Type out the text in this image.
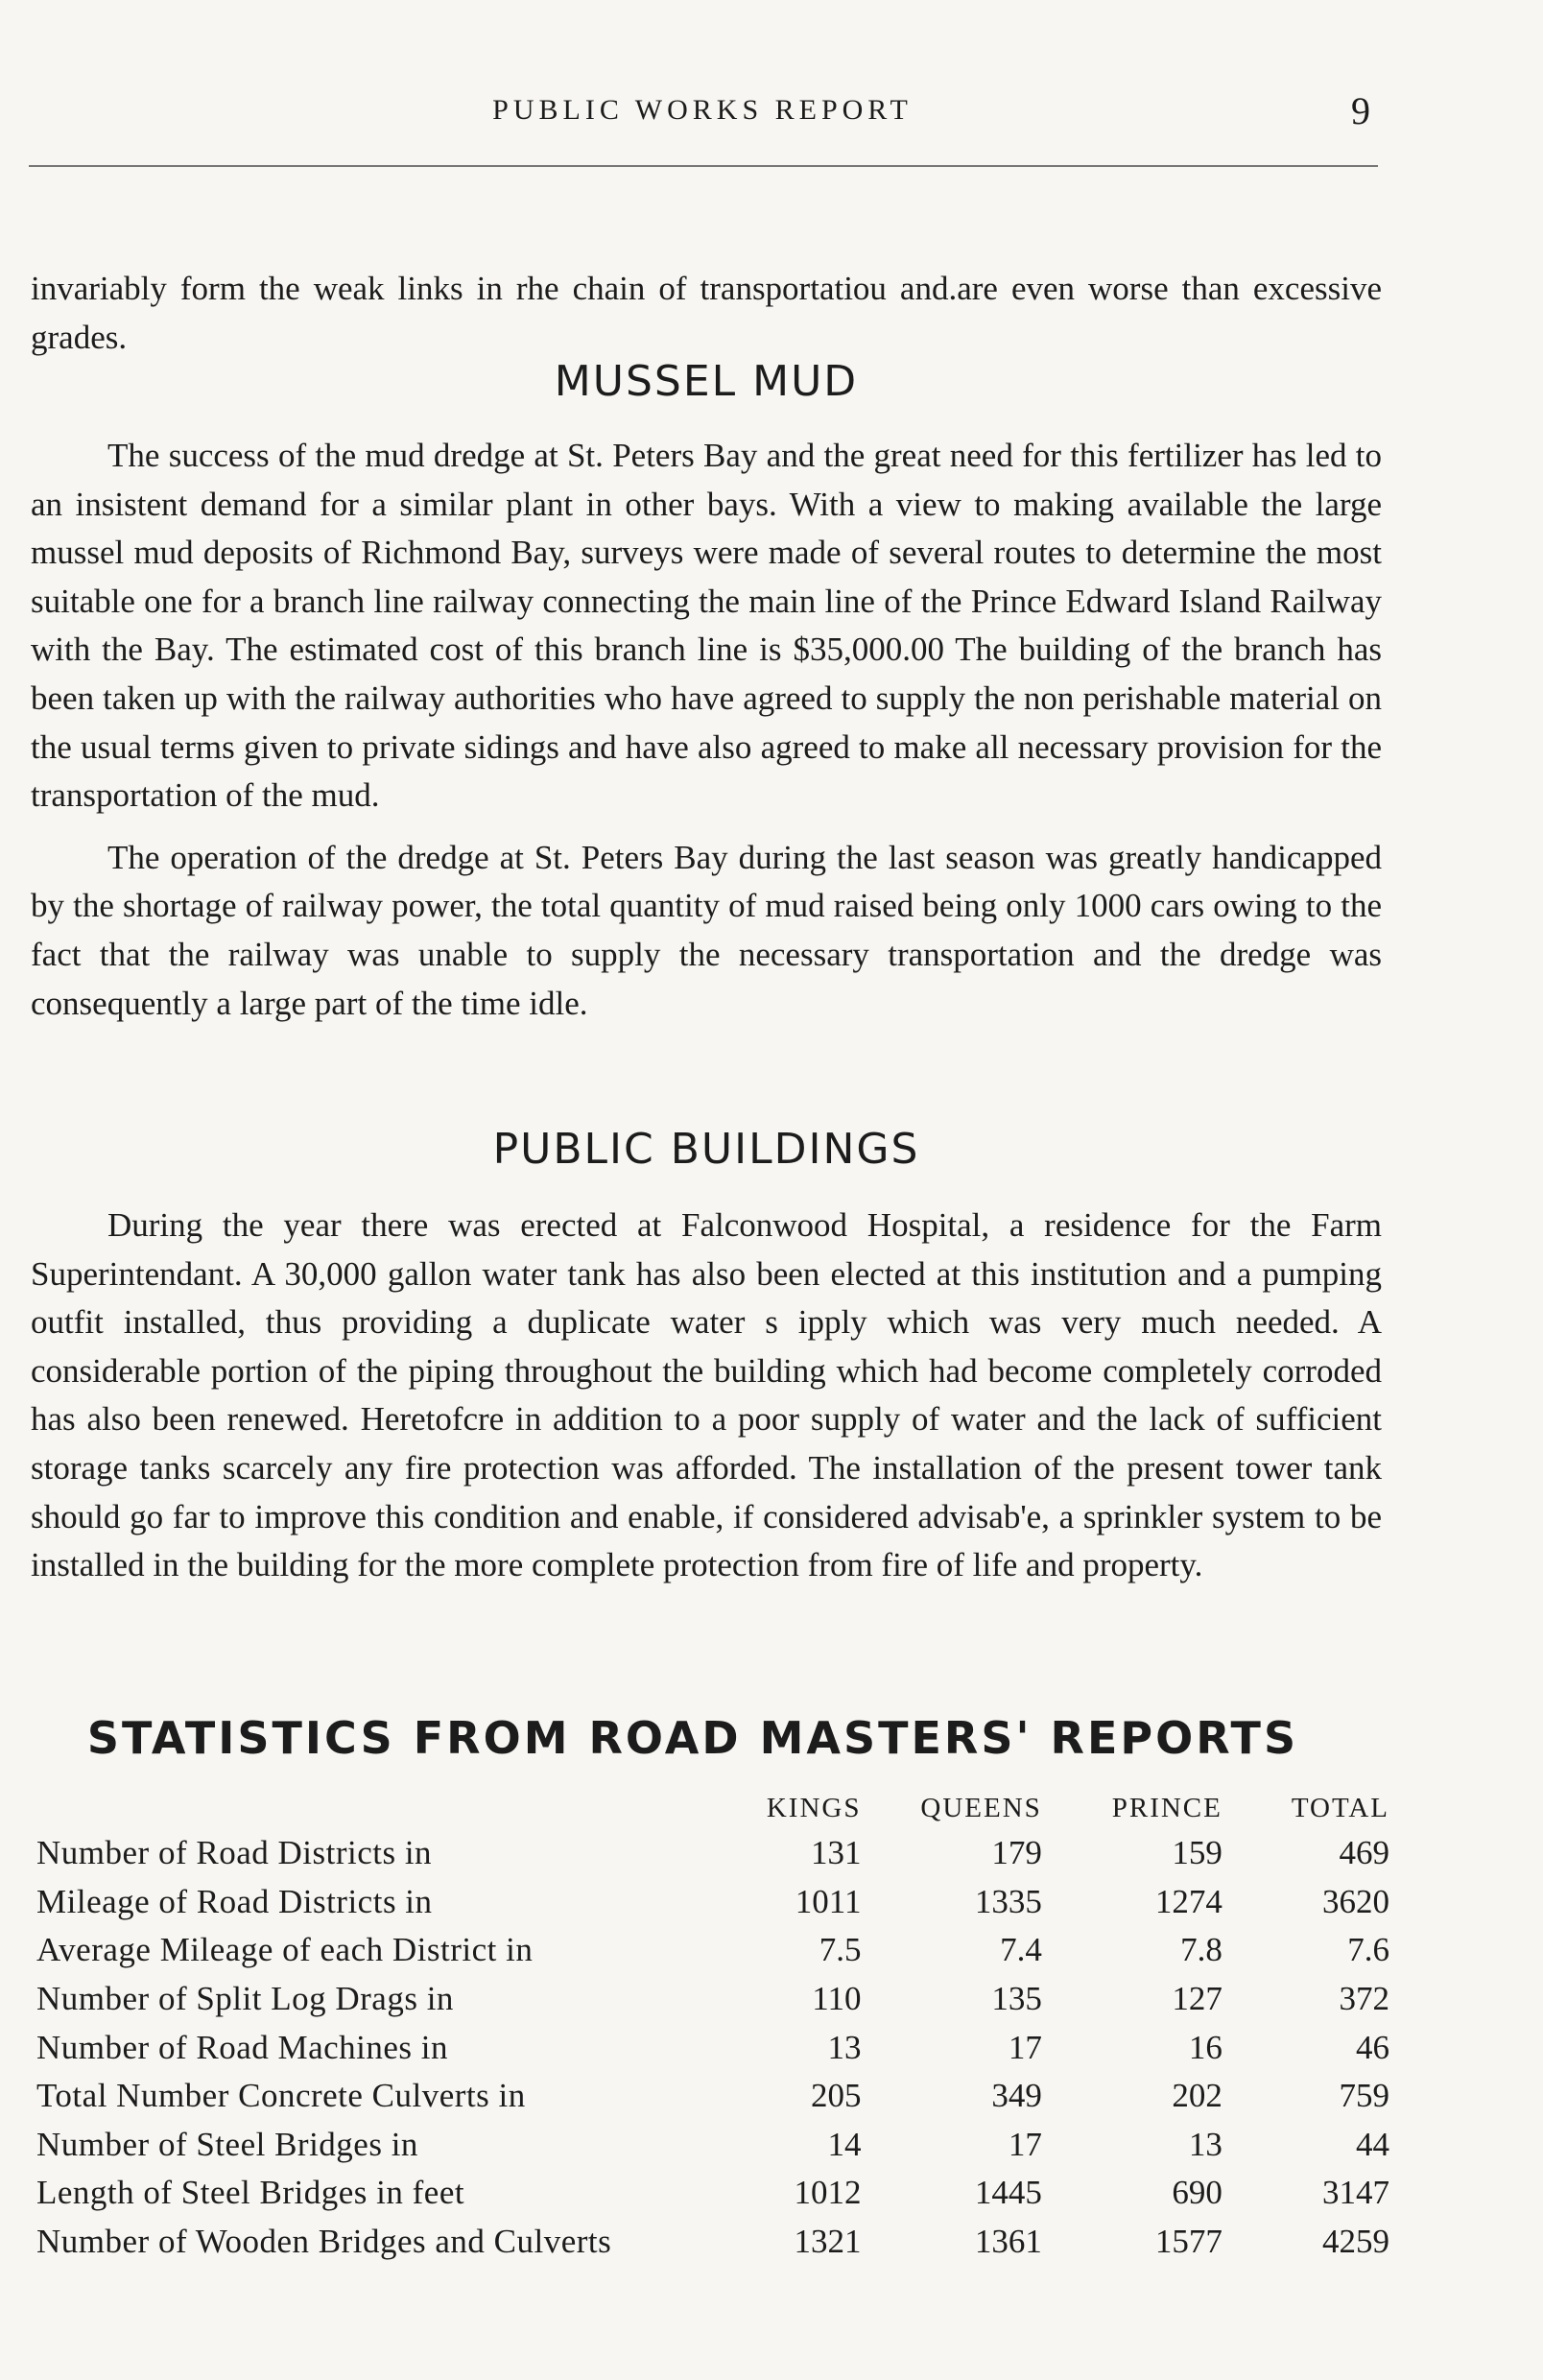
PUBLIC WORKS REPORT	9

invariably form the weak links in rhe chain of transportatiou and.are even worse than excessive grades.

MUSSEL MUD

The success of the mud dredge at St. Peters Bay and the great need for this fertilizer has led to an insistent demand for a similar plant in other bays. With a view to making available the large mussel mud deposits of Richmond Bay, surveys were made of several routes to determine the most suitable one for a branch line railway connecting the main line of the Prince Edward Island Railway with the Bay. The estimated cost of this branch line is $35,000.00 The building of the branch has been taken up with the railway authorities who have agreed to supply the non perishable material on the usual terms given to private sidings and have also agreed to make all necessary provision for the transportation of the mud.

The operation of the dredge at St. Peters Bay during the last season was greatly handicapped by the shortage of railway power, the total quantity of mud raised being only 1000 cars owing to the fact that the railway was unable to supply the necessary transportation and the dredge was consequently a large part of the time idle.

PUBLIC BUILDINGS

During the year there was erected at Falconwood Hospital, a residence for the Farm Superintendant. A 30,000 gallon water tank has also been elected at this institution and a pumping outfit installed, thus providing a duplicate water s ipply which was very much needed. A considerable portion of the piping throughout the building which had become completely corroded has also been renewed. Heretofcre in addition to a poor supply of water and the lack of sufficient storage tanks scarcely any fire protection was afforded. The installation of the present tower tank should go far to improve this condition and enable, if considered advisab'e, a sprinkler system to be installed in the building for the more complete protection from fire of life and property.

STATISTICS FROM ROAD MASTERS' REPORTS
	KINGS	QUEENS	PRINCE	TOTAL
Number of Road Districts in	131	179	159	469
Mileage of Road Districts in	1011	1335	1274	3620
Average Mileage of each District in	7.5	7.4	7.8	7.6
Number of Split Log Drags in	110	135	127	372
Number of Road Machines in	13	17	16	46
Total Number Concrete Culverts in	205	349	202	759
Number of Steel Bridges in	14	17	13	44
Length of Steel Bridges in feet	1012	1445	690	3147
Number of Wooden Bridges and Culverts	1321	1361	1577	4259
